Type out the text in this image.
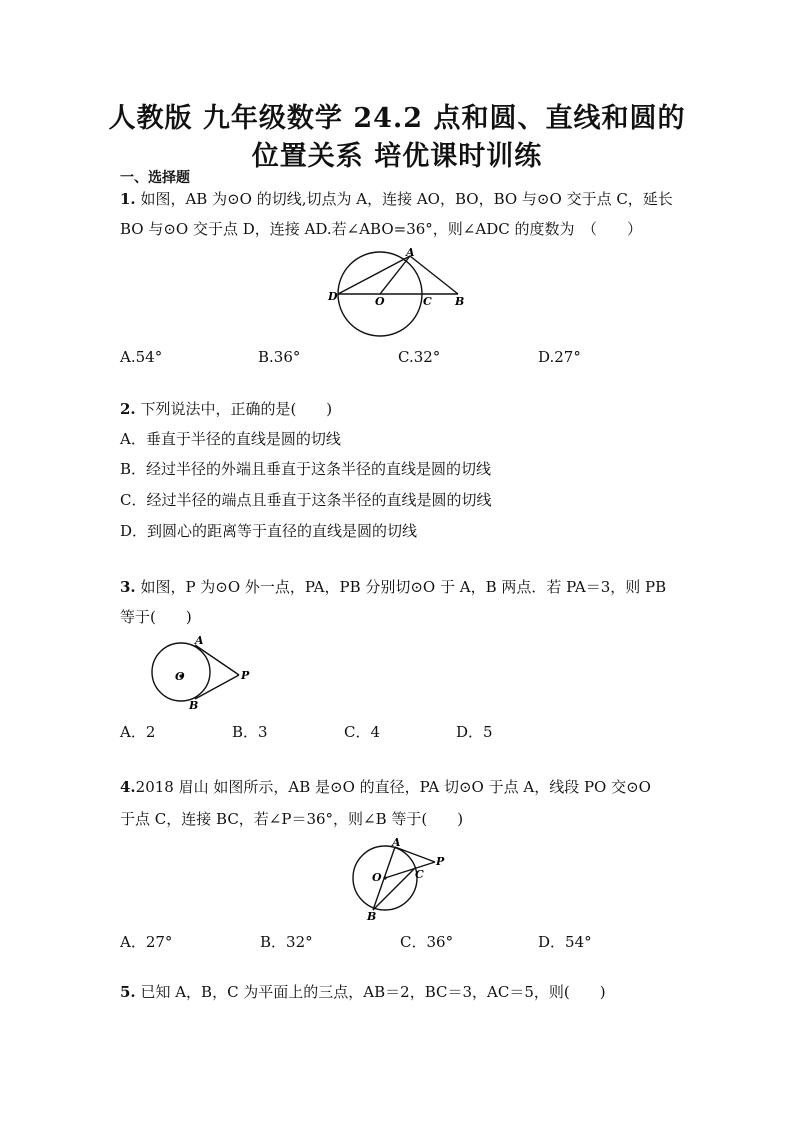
人教版 九年级数学 24.2 点和圆、直线和圆的
位置关系 培优课时训练
一、选择题
1. 如图，AB 为⊙O 的切线,切点为 A，连接 AO，BO，BO 与⊙O 交于点 C，延长
BO 与⊙O 交于点 D，连接 AD.若∠ABO=36°，则∠ADC 的度数为　（　　）
A
D	O	C B
A.54°	B.36°	C.32°	D.27°
2. 下列说法中，正确的是(　　)
A．垂直于半径的直线是圆的切线
B．经过半径的外端且垂直于这条半径的直线是圆的切线
C．经过半径的端点且垂直于这条半径的直线是圆的切线
D．到圆心的距离等于直径的直线是圆的切线
3. 如图，P 为⊙O 外一点，PA，PB 分别切⊙O 于 A，B 两点．若 PA＝3，则 PB
等于(　　)
A
O	P
B
A．2	B．3	C．4	D．5
4.2018 眉山 如图所示，AB 是⊙O 的直径，PA 切⊙O 于点 A，线段 PO 交⊙O
于点 C，连接 BC，若∠P＝36°，则∠B 等于(　　)
A
P
O	C
B
A．27°	B．32°	C．36°	D．54°
5. 已知 A，B，C 为平面上的三点，AB＝2，BC＝3，AC＝5，则(　　)
